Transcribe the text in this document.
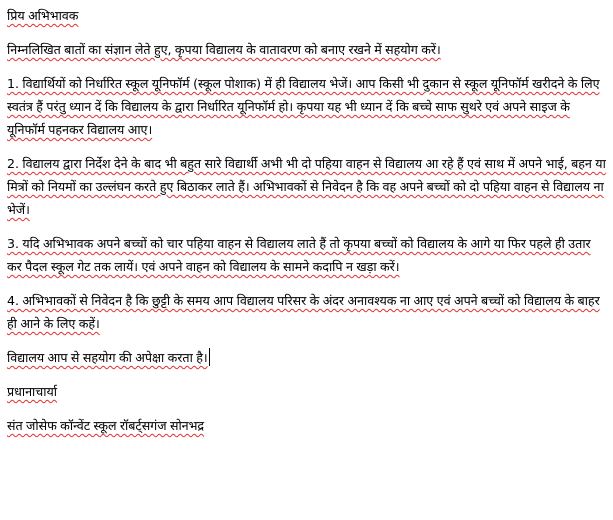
प्रिय अभिभावक

निम्नलिखित बातों का संज्ञान लेते हुए, कृपया विद्यालय के वातावरण को बनाए रखने में सहयोग करें।

1. विद्यार्थियों को निर्धारित स्कूल यूनिफॉर्म (स्कूल पोशाक) में ही विद्यालय भेजें। आप किसी भी दुकान से स्कूल यूनिफॉर्म खरीदने के लिए स्वतंत्र हैं परंतु ध्यान दें कि विद्यालय के द्वारा निर्धारित यूनिफॉर्म हो। कृपया यह भी ध्यान दें कि बच्चे साफ सुथरे एवं अपने साइज के यूनिफॉर्म पहनकर विद्यालय आए।

2. विद्यालय द्वारा निर्देश देने के बाद भी बहुत सारे विद्यार्थी अभी भी दो पहिया वाहन से विद्यालय आ रहे हैं एवं साथ में अपने भाई, बहन या मित्रों को नियमों का उल्लंघन करते हुए बिठाकर लाते हैं। अभिभावकों से निवेदन है कि वह अपने बच्चों को दो पहिया वाहन से विद्यालय ना भेजें।

3. यदि अभिभावक अपने बच्चों को चार पहिया वाहन से विद्यालय लाते हैं तो कृपया बच्चों को विद्यालय के आगे या फिर पहले ही उतार कर पैदल स्कूल गेट तक लायें। एवं अपने वाहन को विद्यालय के सामने कदापि न खड़ा करें।

4. अभिभावकों से निवेदन है कि छुट्टी के समय आप विद्यालय परिसर के अंदर अनावश्यक ना आए एवं अपने बच्चों को विद्यालय के बाहर ही आने के लिए कहें।

विद्यालय आप से सहयोग की अपेक्षा करता है।

प्रधानाचार्या

संत जोसेफ कॉन्वेंट स्कूल रॉबर्ट्सगंज सोनभद्र
